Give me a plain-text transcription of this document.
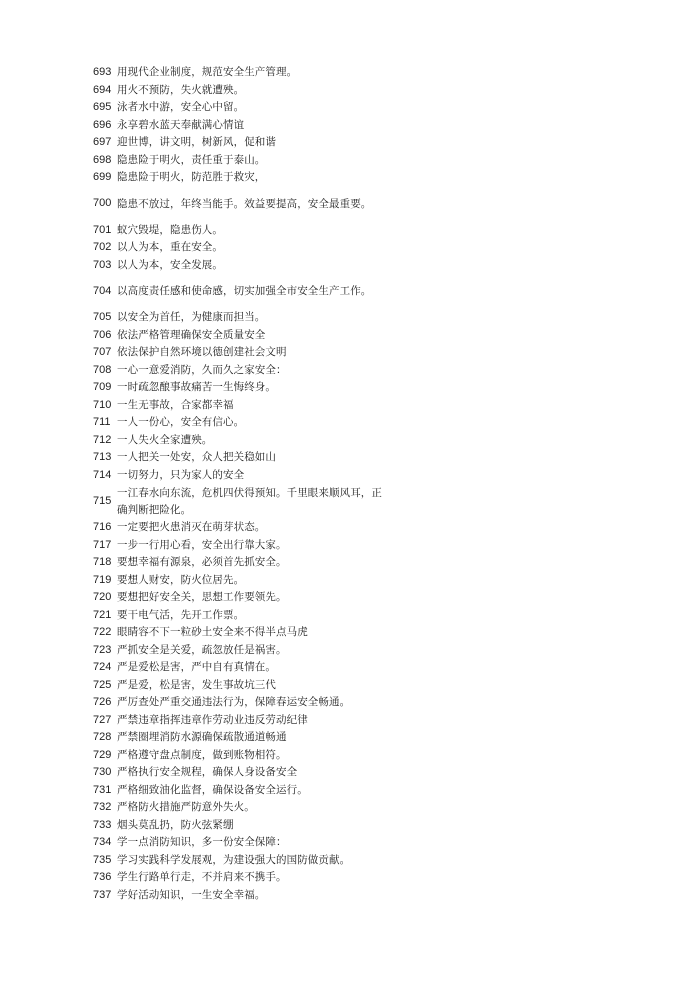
693	用现代企业制度，规范安全生产管理。
694	用火不预防，失火就遭殃。
695	泳者水中游，安全心中留。
696	永享碧水蓝天奉献满心情谊
697	迎世博，讲文明，树新风，促和谐
698	隐患险于明火，责任重于泰山。
699	隐患险于明火，防范胜于救灾，
700	隐患不放过，年终当能手。效益要提高，安全最重要。
701	蚁穴毁堤，隐患伤人。
702	以人为本，重在安全。
703	以人为本，安全发展。
704	以高度责任感和使命感，切实加强全市安全生产工作。
705	以安全为首任，为健康而担当。
706	依法严格管理确保安全质量安全
707	依法保护自然环境以德创建社会文明
708	一心一意爱消防，久而久之家安全：
709	一时疏忽酿事故痛苦一生悔终身。
710	一生无事故，合家都幸福
711	一人一份心，安全有信心。
712	一人失火全家遭殃。
713	一人把关一处安，众人把关稳如山
714	一切努力，只为家人的安全
715	一江春水向东流，危机四伏得预知。千里眼来顺风耳，正确判断把险化。
716	一定要把火患消灭在萌芽状态。
717	一步一行用心看，安全出行靠大家。
718	要想幸福有源泉，必须首先抓安全。
719	要想人财安，防火位居先。
720	要想把好安全关，思想工作要领先。
721	要干电气活，先开工作票。
722	眼睛容不下一粒砂土安全来不得半点马虎
723	严抓安全是关爱，疏忽放任是祸害。
724	严是爱松是害，严中自有真情在。
725	严是爱，松是害，发生事故坑三代
726	严厉查处严重交通违法行为，保障春运安全畅通。
727	严禁违章指挥违章作劳动业违反劳动纪律
728	严禁圈埋消防水源确保疏散通道畅通
729	严格遵守盘点制度，做到账物相符。
730	严格执行安全规程，确保人身设备安全
731	严格细致油化监督，确保设备安全运行。
732	严格防火措施严防意外失火。
733	烟头莫乱扔，防火弦紧绷
734	学一点消防知识，多一份安全保障：
735	学习实践科学发展观，为建设强大的国防做贡献。
736	学生行路单行走，不并肩来不携手。
737	学好活动知识，一生安全幸福。
